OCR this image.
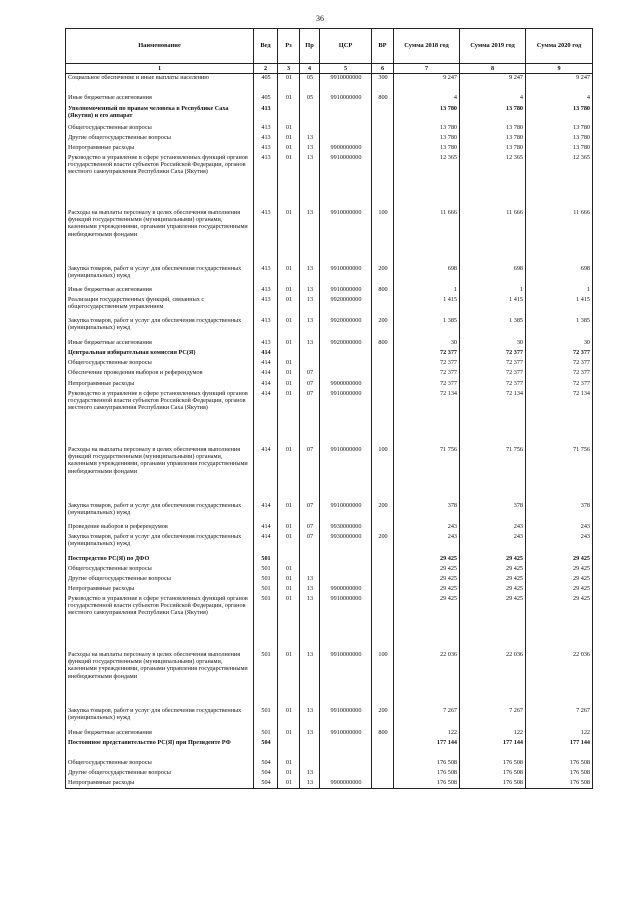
36
Наименование	Вед	Рз	Пр	ЦСР	ВР	Сумма 2018 год	Сумма 2019 год	Сумма 2020 год
1	2	3	4	5	6	7	8	9
Социальное обеспечение и иные выплаты населению	405	01	05	9910000000	300	9 247	9 247	9 247
Иные бюджетные ассигнования	405	01	05	9910000000	800	4	4	4
Уполномоченный по правам человека в Республике Саха (Якутия) и его аппарат	413					13 780	13 780	13 780
Общегосударственные вопросы	413	01				13 780	13 780	13 780
Другие общегосударственные вопросы	413	01	13			13 780	13 780	13 780
Непрограммные расходы	413	01	13	9900000000		13 780	13 780	13 780
Руководство и управление в сфере установленных функций органов государственной власти субъектов Российской Федерации, органов местного самоуправления Республики Саха (Якутия)	413	01	13	9910000000		12 365	12 365	12 365
Расходы на выплаты персоналу в целях обеспечения выполнения функций государственными (муниципальными) органами, казенными учреждениями, органами управления государственными внебюджетными фондами	413	01	13	9910000000	100	11 666	11 666	11 666
Закупка товаров, работ и услуг для обеспечения государственных (муниципальных) нужд	413	01	13	9910000000	200	698	698	698
Иные бюджетные ассигнования	413	01	13	9910000000	800	1	1	1
Реализация государственных функций, связанных с общегосударственным управлением	413	01	13	9920000000		1 415	1 415	1 415
Закупка товаров, работ и услуг для обеспечения государственных (муниципальных) нужд	413	01	13	9920000000	200	1 385	1 385	1 385
Иные бюджетные ассигнования	413	01	13	9920000000	800	30	30	30
Центральная избирательная комиссия РС(Я)	414					72 377	72 377	72 377
Общегосударственные вопросы	414	01				72 377	72 377	72 377
Обеспечение проведения выборов и референдумов	414	01	07			72 377	72 377	72 377
Непрограммные расходы	414	01	07	9900000000		72 377	72 377	72 377
Руководство и управление в сфере установленных функций органов государственной власти субъектов Российской Федерации, органов местного самоуправления Республики Саха (Якутия)	414	01	07	9910000000		72 134	72 134	72 134
Расходы на выплаты персоналу в целях обеспечения выполнения функций государственными (муниципальными) органами, казенными учреждениями, органами управления государственными внебюджетными фондами	414	01	07	9910000000	100	71 756	71 756	71 756
Закупка товаров, работ и услуг для обеспечения государственных (муниципальных) нужд	414	01	07	9910000000	200	378	378	378
Проведение выборов и референдумов	414	01	07	9930000000		243	243	243
Закупка товаров, работ и услуг для обеспечения государственных (муниципальных) нужд	414	01	07	9930000000	200	243	243	243
Постпредство РС(Я) по ДФО	501					29 425	29 425	29 425
Общегосударственные вопросы	501	01				29 425	29 425	29 425
Другие общегосударственные вопросы	501	01	13			29 425	29 425	29 425
Непрограммные расходы	501	01	13	9900000000		29 425	29 425	29 425
Руководство и управление в сфере установленных функций органов государственной власти субъектов Российской Федерации, органов местного самоуправления Республики Саха (Якутия)	501	01	13	9910000000		29 425	29 425	29 425
Расходы на выплаты персоналу в целях обеспечения выполнения функций государственными (муниципальными) органами, казенными учреждениями, органами управления государственными внебюджетными фондами	501	01	13	9910000000	100	22 036	22 036	22 036
Закупка товаров, работ и услуг для обеспечения государственных (муниципальных) нужд	501	01	13	9910000000	200	7 267	7 267	7 267
Иные бюджетные ассигнования	501	01	13	9910000000	800	122	122	122
Постоянное представительство РС(Я) при Президенте РФ	504					177 144	177 144	177 144
Общегосударственные вопросы	504	01				176 508	176 508	176 508
Другие общегосударственные вопросы	504	01	13			176 508	176 508	176 508
Непрограммные расходы	504	01	13	9900000000		176 508	176 508	176 508
